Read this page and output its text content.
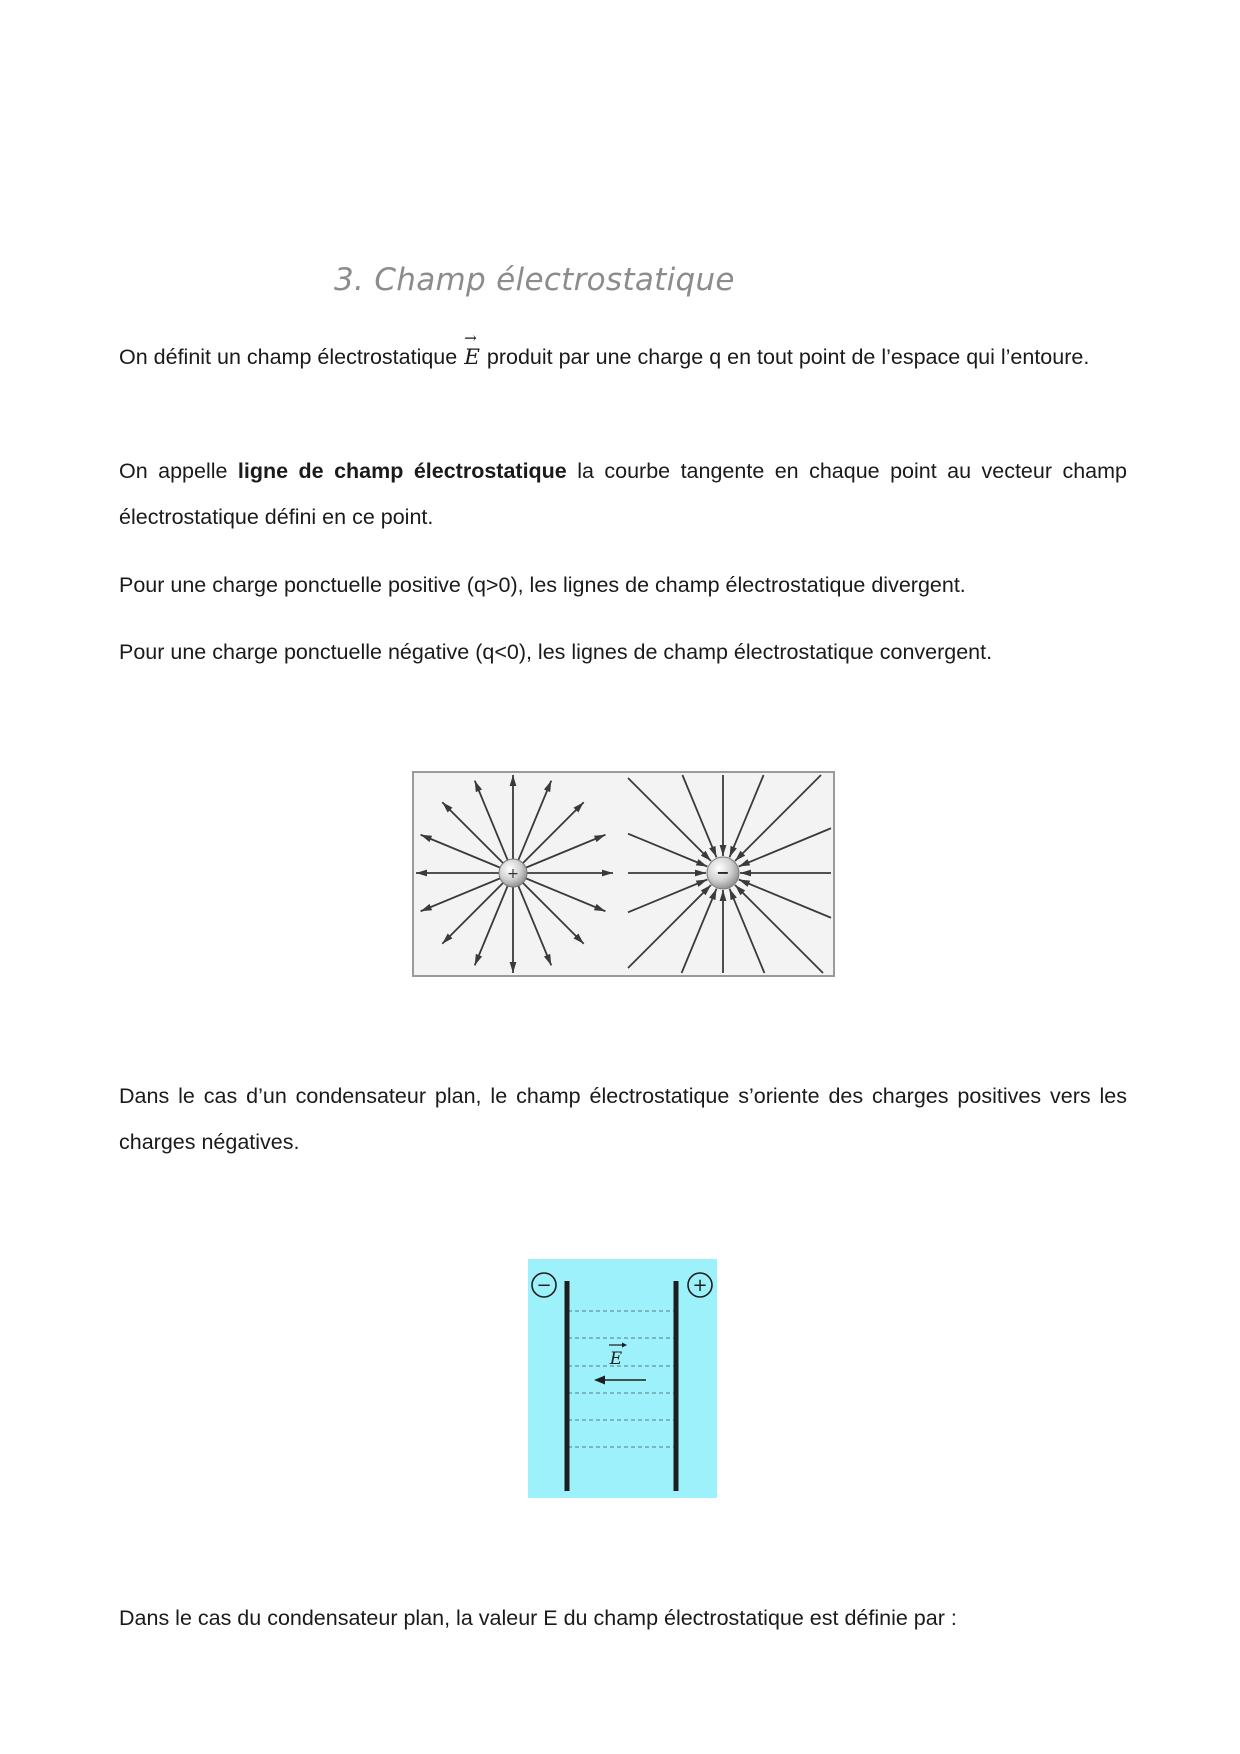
3. Champ électrostatique

On définit un champ électrostatique
→
E produit par une charge q en tout point de l’espace qui l’entoure.

On appelle ligne de champ électrostatique la courbe tangente en chaque point au vecteur champ électrostatique défini en ce point.

Pour une charge ponctuelle positive (q>0), les lignes de champ électrostatique divergent.

Pour une charge ponctuelle négative (q<0), les lignes de champ électrostatique convergent.

+	−

Dans le cas d’un condensateur plan, le champ électrostatique s’oriente des charges positives vers les charges négatives.

−	+
E

Dans le cas du condensateur plan, la valeur E du champ électrostatique est définie par :
